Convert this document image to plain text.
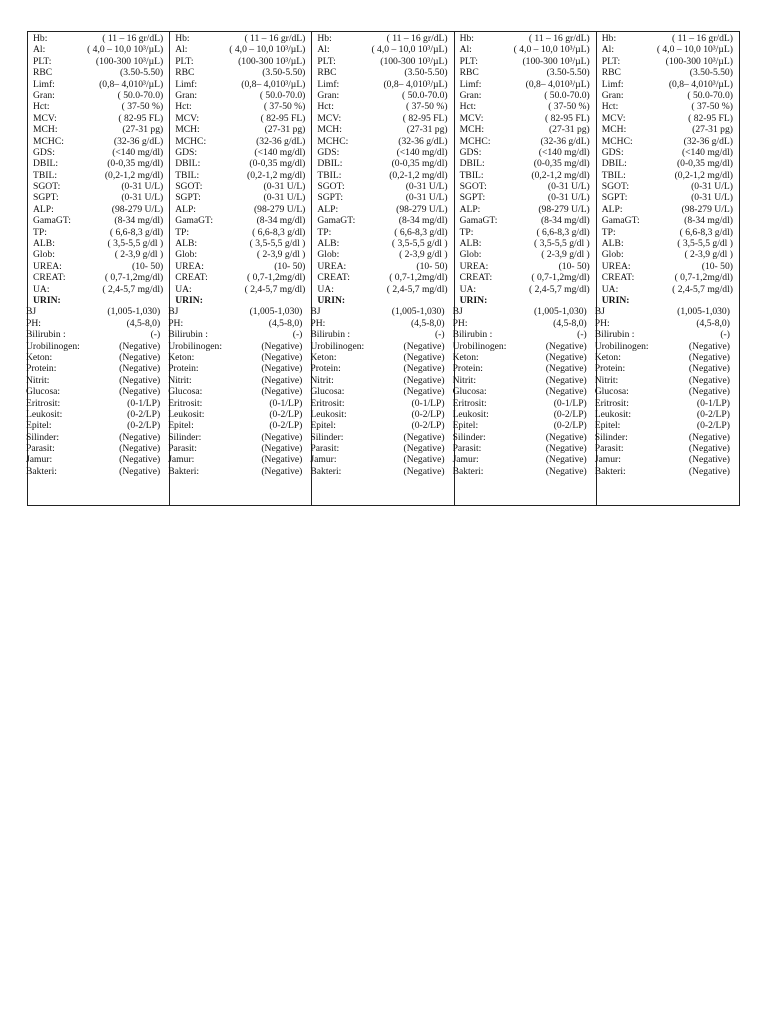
Hb:	( 11 – 16 gr/dL)
Al:	( 4,0 – 10,0 10³/µL)
PLT:	(100-300 10³/µL)
RBC	(3.50-5.50)
Limf:	(0,8– 4,010³/µL)
Gran:	( 50.0-70.0)
Hct:	( 37-50 %)
MCV:	( 82-95 FL)
MCH:	(27-31 pg)
MCHC:	(32-36 g/dL)
GDS:	(<140 mg/dl)
DBIL:	(0-0,35 mg/dl)
TBIL:	(0,2-1,2 mg/dl)
SGOT:	(0-31 U/L)
SGPT:	(0-31 U/L)
ALP:	(98-279 U/L)
GamaGT:	(8-34 mg/dl)
TP:	( 6,6-8,3 g/dl)
ALB:	( 3,5-5,5 g/dl )
Glob:	( 2-3,9 g/dl )
UREA:	(10- 50)
CREAT:	( 0,7-1,2mg/dl)
UA:	( 2,4-5,7 mg/dl)
URIN:
BJ	(1,005-1,030)
PH:	(4,5-8,0)
Bilirubin :	(-)
Urobilinogen:	(Negative)
Keton:	(Negative)
Protein:	(Negative)
Nitrit:	(Negative)
Glucosa:	(Negative)
Eritrosit:	(0-1/LP)
Leukosit:	(0-2/LP)
Epitel:	(0-2/LP)
Silinder:	(Negative)
Parasit:	(Negative)
Jamur:	(Negative)
Bakteri:	(Negative)
Hb:	( 11 – 16 gr/dL)
Al:	( 4,0 – 10,0 10³/µL)
PLT:	(100-300 10³/µL)
RBC	(3.50-5.50)
Limf:	(0,8– 4,010³/µL)
Gran:	( 50.0-70.0)
Hct:	( 37-50 %)
MCV:	( 82-95 FL)
MCH:	(27-31 pg)
MCHC:	(32-36 g/dL)
GDS:	(<140 mg/dl)
DBIL:	(0-0,35 mg/dl)
TBIL:	(0,2-1,2 mg/dl)
SGOT:	(0-31 U/L)
SGPT:	(0-31 U/L)
ALP:	(98-279 U/L)
GamaGT:	(8-34 mg/dl)
TP:	( 6,6-8,3 g/dl)
ALB:	( 3,5-5,5 g/dl )
Glob:	( 2-3,9 g/dl )
UREA:	(10- 50)
CREAT:	( 0,7-1,2mg/dl)
UA:	( 2,4-5,7 mg/dl)
URIN:
BJ	(1,005-1,030)
PH:	(4,5-8,0)
Bilirubin :	(-)
Urobilinogen:	(Negative)
Keton:	(Negative)
Protein:	(Negative)
Nitrit:	(Negative)
Glucosa:	(Negative)
Eritrosit:	(0-1/LP)
Leukosit:	(0-2/LP)
Epitel:	(0-2/LP)
Silinder:	(Negative)
Parasit:	(Negative)
Jamur:	(Negative)
Bakteri:	(Negative)
Hb:	( 11 – 16 gr/dL)
Al:	( 4,0 – 10,0 10³/µL)
PLT:	(100-300 10³/µL)
RBC	(3.50-5.50)
Limf:	(0,8– 4,010³/µL)
Gran:	( 50.0-70.0)
Hct:	( 37-50 %)
MCV:	( 82-95 FL)
MCH:	(27-31 pg)
MCHC:	(32-36 g/dL)
GDS:	(<140 mg/dl)
DBIL:	(0-0,35 mg/dl)
TBIL:	(0,2-1,2 mg/dl)
SGOT:	(0-31 U/L)
SGPT:	(0-31 U/L)
ALP:	(98-279 U/L)
GamaGT:	(8-34 mg/dl)
TP:	( 6,6-8,3 g/dl)
ALB:	( 3,5-5,5 g/dl )
Glob:	( 2-3,9 g/dl )
UREA:	(10- 50)
CREAT:	( 0,7-1,2mg/dl)
UA:	( 2,4-5,7 mg/dl)
URIN:
BJ	(1,005-1,030)
PH:	(4,5-8,0)
Bilirubin :	(-)
Urobilinogen:	(Negative)
Keton:	(Negative)
Protein:	(Negative)
Nitrit:	(Negative)
Glucosa:	(Negative)
Eritrosit:	(0-1/LP)
Leukosit:	(0-2/LP)
Epitel:	(0-2/LP)
Silinder:	(Negative)
Parasit:	(Negative)
Jamur:	(Negative)
Bakteri:	(Negative)
Hb:	( 11 – 16 gr/dL)
Al:	( 4,0 – 10,0 10³/µL)
PLT:	(100-300 10³/µL)
RBC	(3.50-5.50)
Limf:	(0,8– 4,010³/µL)
Gran:	( 50.0-70.0)
Hct:	( 37-50 %)
MCV:	( 82-95 FL)
MCH:	(27-31 pg)
MCHC:	(32-36 g/dL)
GDS:	(<140 mg/dl)
DBIL:	(0-0,35 mg/dl)
TBIL:	(0,2-1,2 mg/dl)
SGOT:	(0-31 U/L)
SGPT:	(0-31 U/L)
ALP:	(98-279 U/L)
GamaGT:	(8-34 mg/dl)
TP:	( 6,6-8,3 g/dl)
ALB:	( 3,5-5,5 g/dl )
Glob:	( 2-3,9 g/dl )
UREA:	(10- 50)
CREAT:	( 0,7-1,2mg/dl)
UA:	( 2,4-5,7 mg/dl)
URIN:
BJ	(1,005-1,030)
PH:	(4,5-8,0)
Bilirubin :	(-)
Urobilinogen:	(Negative)
Keton:	(Negative)
Protein:	(Negative)
Nitrit:	(Negative)
Glucosa:	(Negative)
Eritrosit:	(0-1/LP)
Leukosit:	(0-2/LP)
Epitel:	(0-2/LP)
Silinder:	(Negative)
Parasit:	(Negative)
Jamur:	(Negative)
Bakteri:	(Negative)
Hb:	( 11 – 16 gr/dL)
Al:	( 4,0 – 10,0 10³/µL)
PLT:	(100-300 10³/µL)
RBC	(3.50-5.50)
Limf:	(0,8– 4,010³/µL)
Gran:	( 50.0-70.0)
Hct:	( 37-50 %)
MCV:	( 82-95 FL)
MCH:	(27-31 pg)
MCHC:	(32-36 g/dL)
GDS:	(<140 mg/dl)
DBIL:	(0-0,35 mg/dl)
TBIL:	(0,2-1,2 mg/dl)
SGOT:	(0-31 U/L)
SGPT:	(0-31 U/L)
ALP:	(98-279 U/L)
GamaGT:	(8-34 mg/dl)
TP:	( 6,6-8,3 g/dl)
ALB:	( 3,5-5,5 g/dl )
Glob:	( 2-3,9 g/dl )
UREA:	(10- 50)
CREAT:	( 0,7-1,2mg/dl)
UA:	( 2,4-5,7 mg/dl)
URIN:
BJ	(1,005-1,030)
PH:	(4,5-8,0)
Bilirubin :	(-)
Urobilinogen:	(Negative)
Keton:	(Negative)
Protein:	(Negative)
Nitrit:	(Negative)
Glucosa:	(Negative)
Eritrosit:	(0-1/LP)
Leukosit:	(0-2/LP)
Epitel:	(0-2/LP)
Silinder:	(Negative)
Parasit:	(Negative)
Jamur:	(Negative)
Bakteri:	(Negative)
